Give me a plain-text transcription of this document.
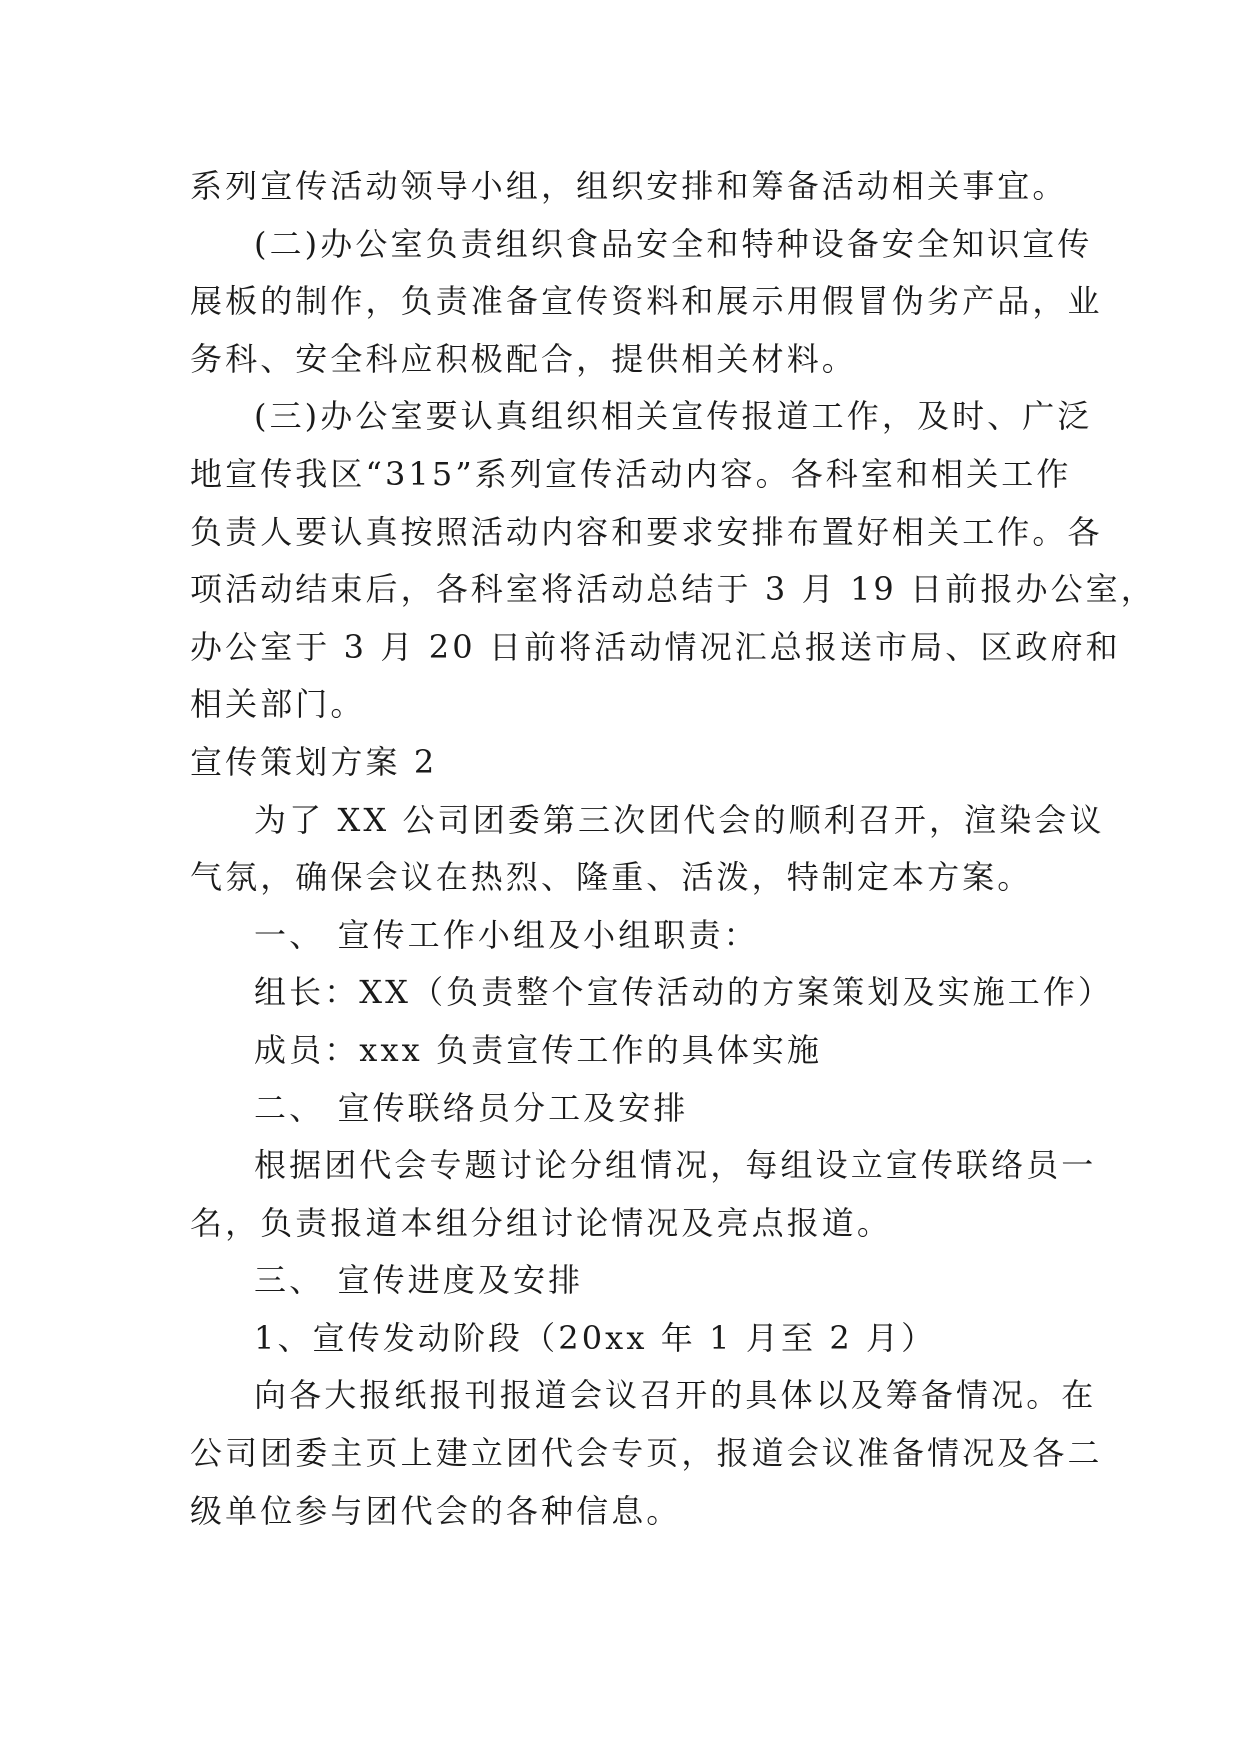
系列宣传活动领导小组，组织安排和筹备活动相关事宜。
(二)办公室负责组织食品安全和特种设备安全知识宣传
展板的制作，负责准备宣传资料和展示用假冒伪劣产品，业
务科、安全科应积极配合，提供相关材料。
(三)办公室要认真组织相关宣传报道工作，及时、广泛
地宣传我区“315”系列宣传活动内容。各科室和相关工作
负责人要认真按照活动内容和要求安排布置好相关工作。各
项活动结束后，各科室将活动总结于 3 月 19 日前报办公室，
办公室于 3 月 20 日前将活动情况汇总报送市局、区政府和
相关部门。
宣传策划方案 2
为了 XX 公司团委第三次团代会的顺利召开，渲染会议
气氛，确保会议在热烈、隆重、活泼，特制定本方案。
一、 宣传工作小组及小组职责：
组长：XX（负责整个宣传活动的方案策划及实施工作）
成员：xxx 负责宣传工作的具体实施
二、 宣传联络员分工及安排
根据团代会专题讨论分组情况，每组设立宣传联络员一
名，负责报道本组分组讨论情况及亮点报道。
三、 宣传进度及安排
1、宣传发动阶段（20xx 年 1 月至 2 月）
向各大报纸报刊报道会议召开的具体以及筹备情况。在
公司团委主页上建立团代会专页，报道会议准备情况及各二
级单位参与团代会的各种信息。
